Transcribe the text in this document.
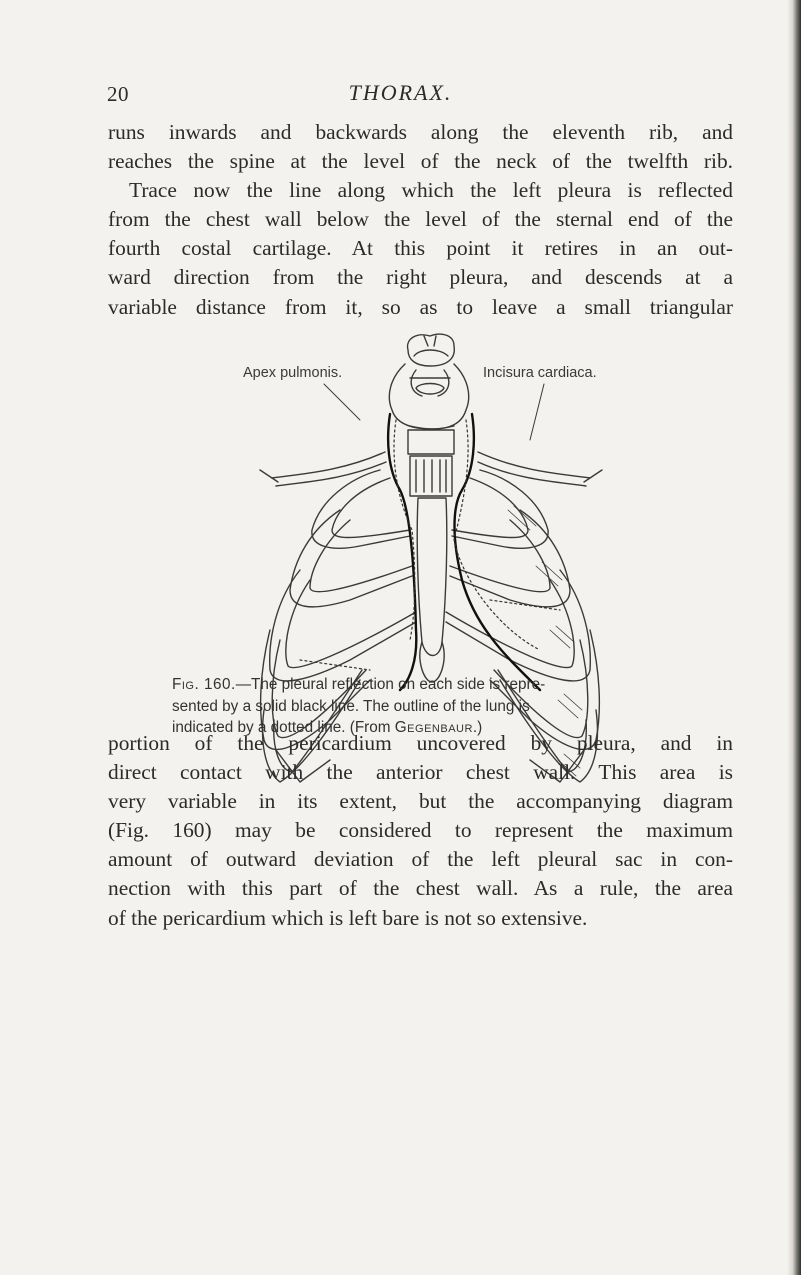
20	THORAX.

runs inwards and backwards along the eleventh rib, and
reaches the spine at the level of the neck of the twelfth rib.
Trace now the line along which the left pleura is reflected
from the chest wall below the level of the sternal end of the
fourth costal cartilage. At this point it retires in an out-
ward direction from the right pleura, and descends at a
variable distance from it, so as to leave a small triangular

Apex pulmonis.	Incisura cardiaca.
Fig. 160.—The pleural reflection on each side is repre-
sented by a solid black line. The outline of the lung is
indicated by a dotted line. (From Gegenbaur.)

portion of the pericardium uncovered by pleura, and in
direct contact with the anterior chest wall. This area is
very variable in its extent, but the accompanying diagram
(Fig. 160) may be considered to represent the maximum
amount of outward deviation of the left pleural sac in con-
nection with this part of the chest wall. As a rule, the area
of the pericardium which is left bare is not so extensive.
